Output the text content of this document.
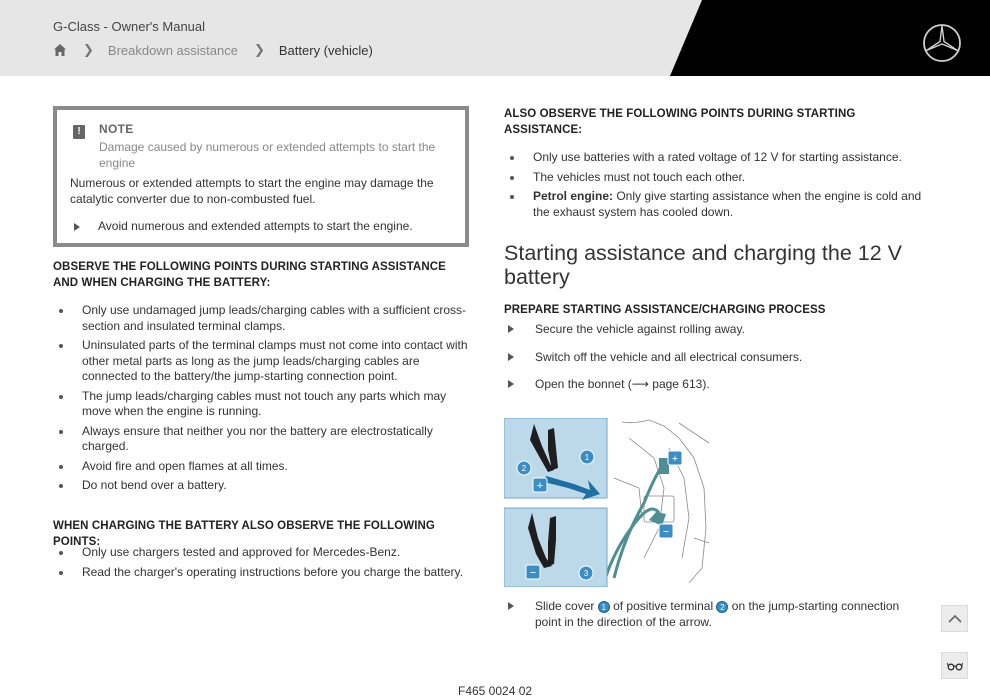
G-Class - Owner's Manual
❯ Breakdown assistance ❯ Battery (vehicle)
!	NOTE
Damage caused by numerous or extended attempts to start the engine
Numerous or extended attempts to start the engine may damage the catalytic converter due to non-combusted fuel.
Avoid numerous and extended attempts to start the engine.
OBSERVE THE FOLLOWING POINTS DURING STARTING ASSISTANCE AND WHEN CHARGING THE BATTERY:
Only use undamaged jump leads/charging cables with a sufficient cross-section and insulated terminal clamps.
Uninsulated parts of the terminal clamps must not come into contact with other metal parts as long as the jump leads/charging cables are connected to the battery/the jump-starting connection point.
The jump leads/charging cables must not touch any parts which may move when the engine is running.
Always ensure that neither you nor the battery are electrostatically charged.
Avoid fire and open flames at all times.
Do not bend over a battery.
WHEN CHARGING THE BATTERY ALSO OBSERVE THE FOLLOWING POINTS:
Only use chargers tested and approved for Mercedes-Benz.
Read the charger's operating instructions before you charge the battery.
ALSO OBSERVE THE FOLLOWING POINTS DURING STARTING ASSISTANCE:
Only use batteries with a rated voltage of 12 V for starting assistance.
The vehicles must not touch each other.
Petrol engine: Only give starting assistance when the engine is cold and the exhaust system has cooled down.
Starting assistance and charging the 12 V battery
PREPARE STARTING ASSISTANCE/CHARGING PROCESS
Secure the vehicle against rolling away.
Switch off the vehicle and all electrical consumers.
Open the bonnet (⟶ page 613).
1
2
3
+
−
+
−
Slide cover 1 of positive terminal 2 on the jump-starting connection point in the direction of the arrow.
F465 0024 02
